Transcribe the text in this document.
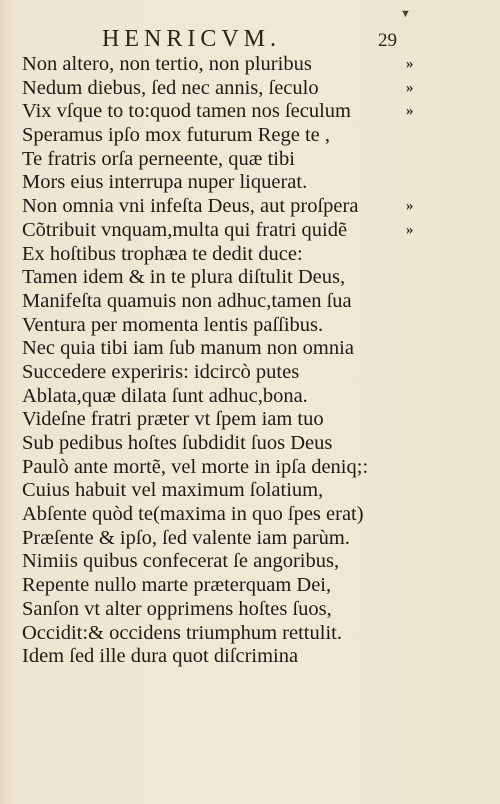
HENRICVM.	29
▼
Non altero, non tertio, non pluribus	»
Nedum diebus, ſed nec annis, ſeculo	»
Vix vſque to to:quod tamen nos ſeculum	»
Speramus ipſo mox futurum Rege te ,
Te fratris orſa perneente, quæ tibi
Mors eius interrupa nuper liquerat.
Non omnia vni infeſta Deus, aut proſpera	»
Cõtribuit vnquam,multa qui fratri quidẽ	»
Ex hoſtibus trophæa te dedit duce:
Tamen idem & in te plura diſtulit Deus,
Manifeſta quamuis non adhuc,tamen ſua
Ventura per momenta lentis paſſibus.
Nec quia tibi iam ſub manum non omnia
Succedere experiris: idcircò putes
Ablata,quæ dilata ſunt adhuc,bona.
Videſne fratri præter vt ſpem iam tuo
Sub pedibus hoſtes ſubdidit ſuos Deus
Paulò ante mortẽ, vel morte in ipſa deniq;:
Cuius habuit vel maximum ſolatium,
Abſente quòd te(maxima in quo ſpes erat)
Præſente & ipſo, ſed valente iam parùm.
Nimiis quibus confecerat ſe angoribus,
Repente nullo marte præterquam Dei,
Sanſon vt alter opprimens hoſtes ſuos,
Occidit:& occidens triumphum rettulit.
Idem ſed ille dura quot diſcrimina
